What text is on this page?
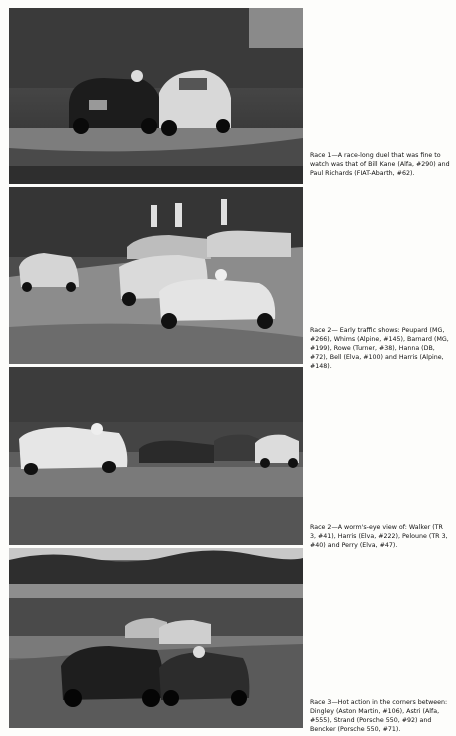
Race 1—A race-long duel that was fine to watch was that of Bill Kane (Alfa, #290) and Paul Richards (FIAT-Abarth, #62).
Race 2— Early traffic shows: Peupard (MG, #266), Whims (Alpine, #145), Barnard (MG, #199), Rowe (Turner, #38), Hanna (DB, #72), Bell (Elva, #100) and Harris (Alpine, #148).
Race 2—A worm's-eye view of: Walker (TR 3, #41), Harris (Elva, #222), Peloune (TR 3, #40) and Perry (Elva, #47).
Race 3—Hot action in the corners between: Dingley (Aston Martin, #106), Astri (Alfa, #555), Strand (Porsche 550, #92) and Bencker (Porsche 550, #71).
